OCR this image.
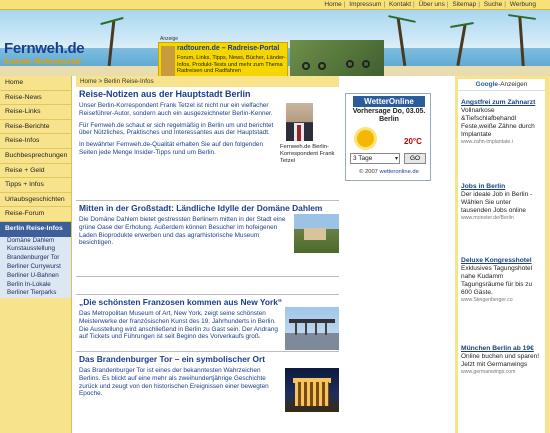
Home | Impressum | Kontakt | Über uns | Sitemap | Suche | Werbung
Fernweh.de
Insider-Reiseportal
Anzeige
radtouren.de – Radreise-Portal
Forum, Links, Tipps, News, Bücher, Länder-Infos, Produkt-Tests und mehr zum Thema Radreisen und Radfahren
Home
Reise-News
Reise-Links
Reise-Berichte
Reise-Infos
Buchbesprechungen
Reise + Geld
Tipps + Infos
Urlaubsgeschichten
Reise-Forum
Berlin Reise-Infos
Domäne Dahlem
Kunstausstellung
Brandenburger Tor
Berliner Currywurst
Berliner U-Bahnen
Berlin In-Lokale
Berliner Tierparks
Home > Berlin Reise-Infos
Reise-Notizen aus der Hauptstadt Berlin

Unser Berlin-Korrespondent Frank Tetzel ist nicht nur ein vielfacher Reiseführer-Autor, sondern auch ein ausgezeichneter Berlin-Kenner.

Für Fernweh.de schaut er sich regelmäßig in Berlin um und berichtet über Nützliches, Praktisches und Interessantes aus der Hauptstadt.

In bewährter Fernweh.de-Qualität erhalten Sie auf den folgenden Seiten jede Menge Insider-Tipps rund um Berlin.

Fernweh.de Berlin-Korrespondent Frank Tetzel
Mitten in der Großstadt: Ländliche Idylle der Domäne Dahlem

Die Domäne Dahlem bietet gestressten Berlinern mitten in der Stadt eine grüne Oase der Erholung. Außerdem können Besucher im hofeigenen Laden Bioprodukte erwerben und das agrarhistorische Museum besichtigen.

„Die schönsten Franzosen kommen aus New York“

Das Metropolitan Museum of Art, New York, zeigt seine schönsten Meisterwerke der französischen Kunst des 19. Jahrhunderts in Berlin. Die Ausstellung wird anschließend in Berlin zu Gast sein. Der Andrang auf Tickets und Führungen ist seit Beginn des Vorverkaufs groß.

Das Brandenburger Tor – ein symbolischer Ort

Das Brandenburger Tor ist eines der bekanntesten Wahrzeichen Berlins. Es blickt auf eine mehr als zweihundertjährige Geschichte zurück und zeugt von den historischen Ereignissen einer bewegten Epoche.

WetterOnline
Vorhersage Do, 03.05.
Berlin
20°C
3 Tage	▾	GO
© 2007 wetteronline.de
Google-Anzeigen
Angstfrei zum Zahnarzt
Vollnarkose &Tiefschlafbehandl Feste,weiße Zähne durch Implantate
www.zahn-implantate.i
Jobs in Berlin
Der ideale Job in Berlin - Wählen Sie unter tausenden Jobs online
www.monster.de/Berlin
Deluxe Kongresshotel
Exklusives Tagungshotel nahe Kudamm Tagungsräume für bis zu 600 Gäste.
www.Steigenberger.co
München Berlin ab 19€
Online buchen und sparen! Jetzt mit Germanwings
www.germanwings.com
